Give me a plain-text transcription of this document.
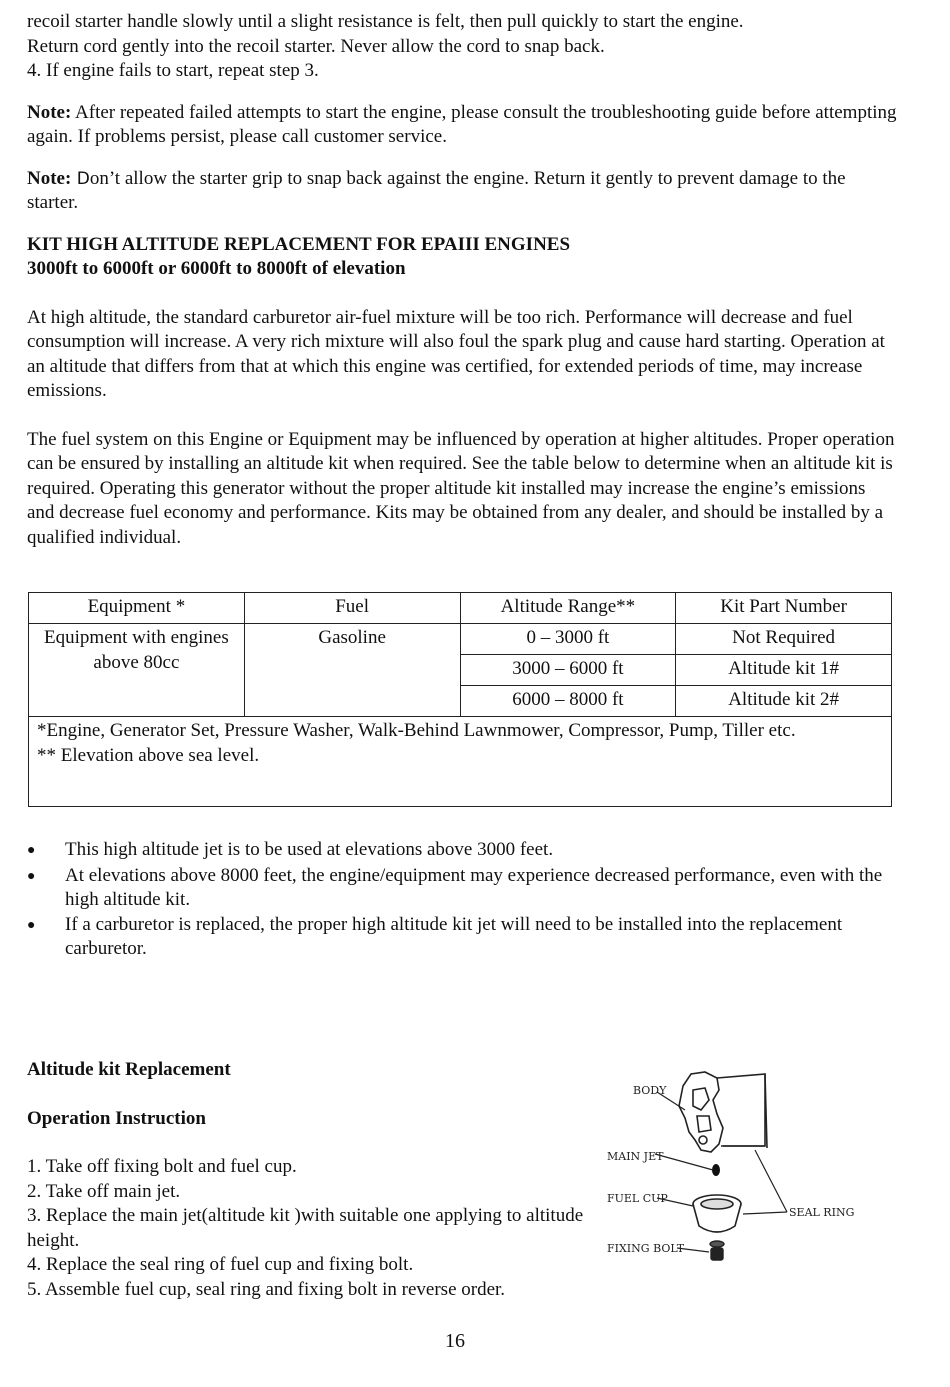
recoil starter handle slowly until a slight resistance is felt, then pull quickly to start the engine.
Return cord gently into the recoil starter. Never allow the cord to snap back.
4. If engine fails to start, repeat step 3.

Note: After repeated failed attempts to start the engine, please consult the troubleshooting guide before attempting again. If problems persist, please call customer service.

Note: Don’t allow the starter grip to snap back against the engine. Return it gently to prevent damage to the starter.

KIT HIGH ALTITUDE REPLACEMENT FOR EPAIII ENGINES
3000ft to 6000ft or 6000ft to 8000ft of elevation

At high altitude, the standard carburetor air-fuel mixture will be too rich. Performance will decrease and fuel consumption will increase. A very rich mixture will also foul the spark plug and cause hard starting. Operation at an altitude that differs from that at which this engine was certified, for extended periods of time, may increase emissions.

The fuel system on this Engine or Equipment may be influenced by operation at higher altitudes. Proper operation can be ensured by installing an altitude kit when required. See the table below to determine when an altitude kit is required. Operating this generator without the proper altitude kit installed may increase the engine’s emissions and decrease fuel economy and performance. Kits may be obtained from any dealer, and should be installed by a qualified individual.

Equipment *	Fuel	Altitude Range**	Kit Part Number
Equipment with engines above 80cc	Gasoline	0 – 3000 ft	Not Required
		3000 – 6000 ft	Altitude kit 1#
		6000 – 8000 ft	Altitude kit 2#

*Engine, Generator Set, Pressure Washer, Walk-Behind Lawnmower, Compressor, Pump, Tiller etc.
** Elevation above sea level.			
●	This high altitude jet is to be used at elevations above 3000 feet.
●	At elevations above 8000 feet, the engine/equipment may experience decreased performance, even with the high altitude kit.
●	If a carburetor is replaced, the proper high altitude kit jet will need to be installed into the replacement carburetor.
Altitude kit Replacement
Operation Instruction
1. Take off fixing bolt and fuel cup.
2. Take off main jet.
3. Replace the main jet(altitude kit )with suitable one applying to altitude height.
4. Replace the seal ring of fuel cup and fixing bolt.
5. Assemble fuel cup, seal ring and fixing bolt in reverse order.
BODY
MAIN JET
FUEL CUP
FIXING BOLT
SEAL RING
16
